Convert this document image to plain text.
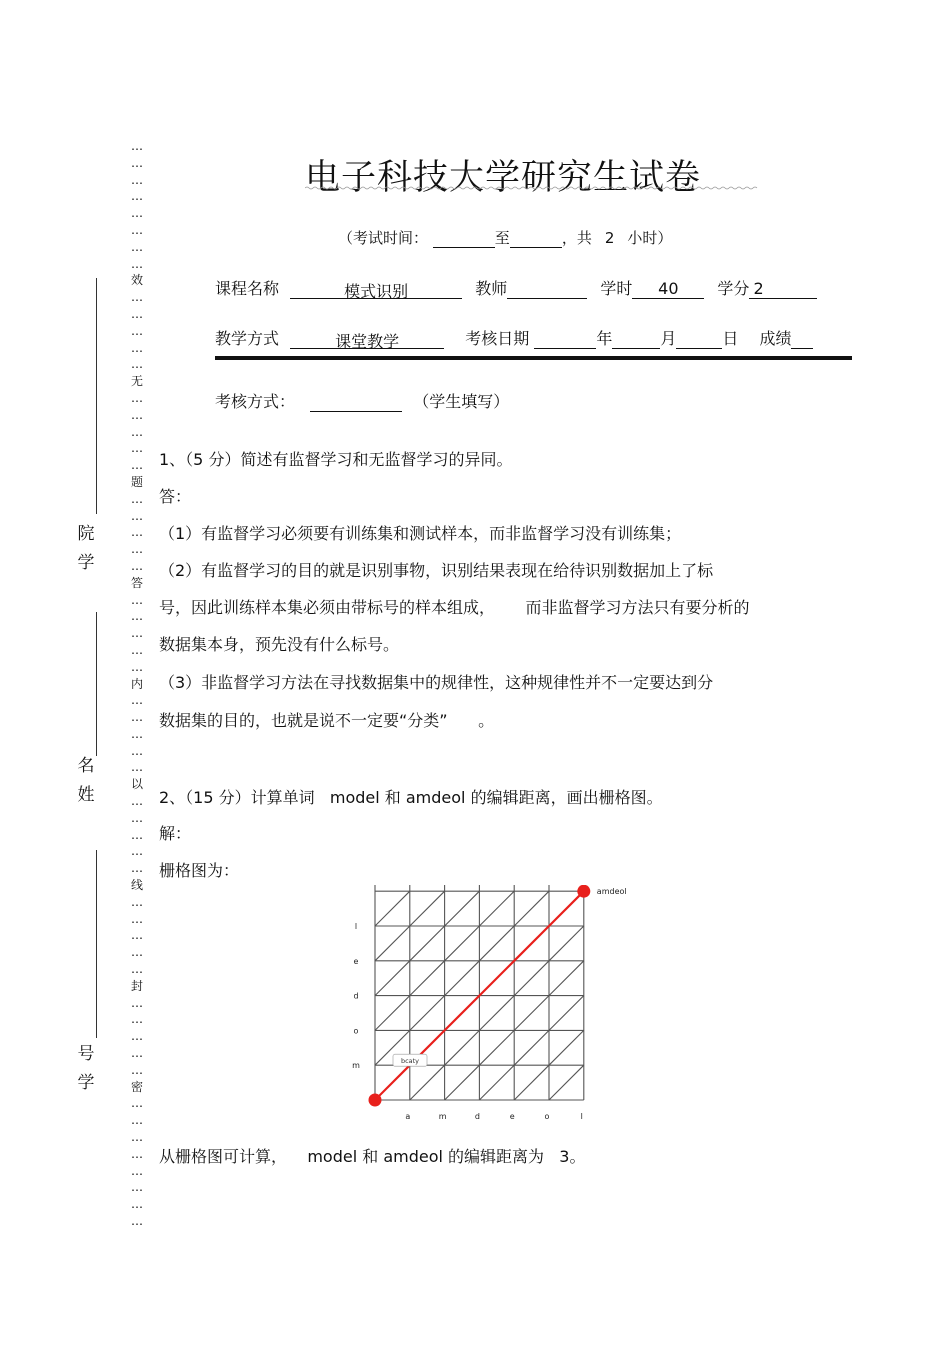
电子科技大学研究生试卷
（考试时间：	至	，共 2 小时）
课程名称	模式识别	教师	学时 40 学分 2
教学方式	课堂教学	考核日期	年	月	日 成绩
考核方式：	（学生填写）
…
…
…
…
…
…
…
…
效
…
…
…
…
…
无
…
…
…
…
…
题
…
…
…
…
…
答
…
…
…
…
…
内
…
…
…
…
…
以
…
…
…
…
…
线
…
…
…
…
…
封
…
…
…
…
…
密
…
…
…
…
…
…
…
…
院
学
名
姓
号
学
1、（5 分）简述有监督学习和无监督学习的异同。
答：
（1）有监督学习必须要有训练集和测试样本，而非监督学习没有训练集；
（2）有监督学习的目的就是识别事物，识别结果表现在给待识别数据加上了标
号，因此训练样本集必须由带标号的样本组成，      而非监督学习方法只有要分析的
数据集本身，预先没有什么标号。
（3）非监督学习方法在寻找数据集中的规律性，这种规律性并不一定要达到分
数据集的目的，也就是说不一定要“分类”      。
2、（15 分）计算单词   model 和 amdeol 的编辑距离，画出栅格图。
解：
栅格图为：
a	m	d	e	o	l
m
o
d
e
l
amdeol
bcaty
从栅格图可计算，    model 和 amdeol 的编辑距离为   3。
